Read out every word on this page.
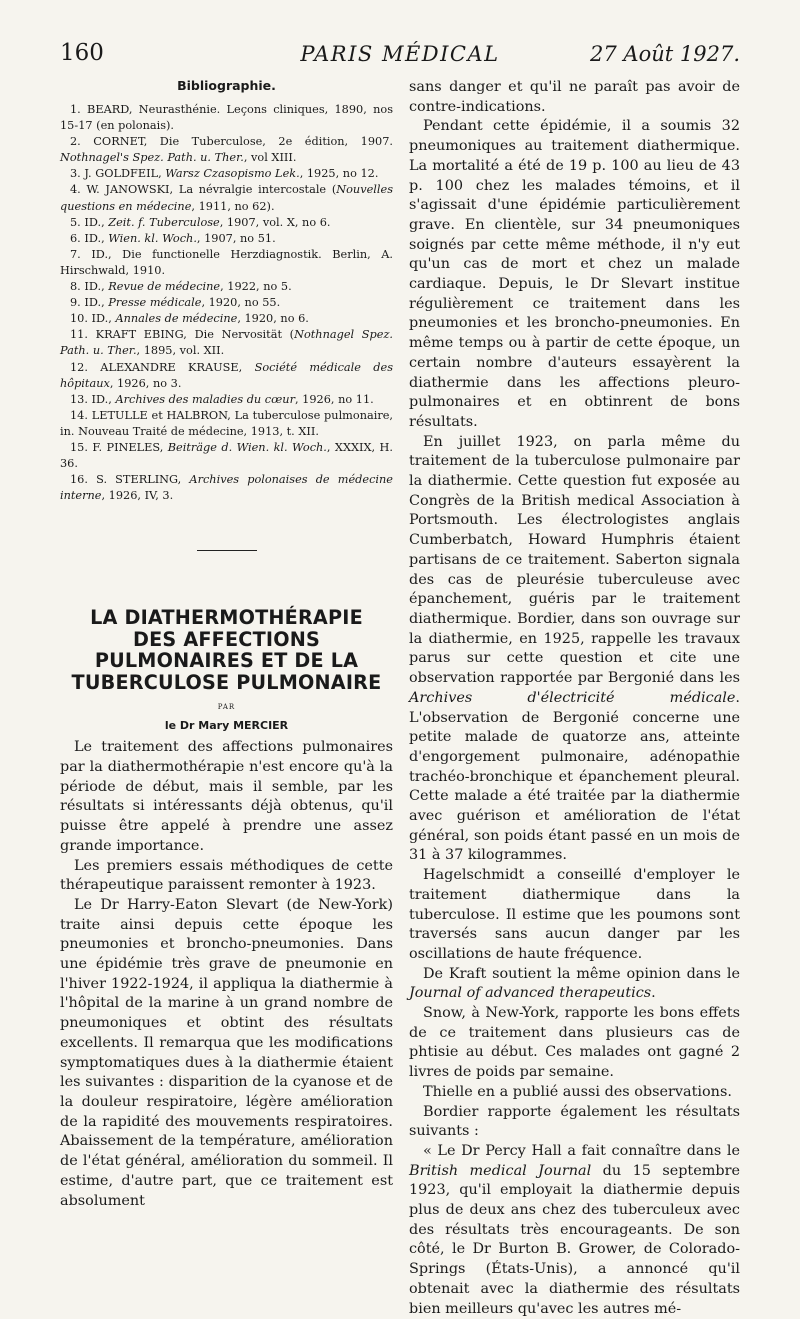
160	PARIS MÉDICAL	27 Août 1927.
Bibliographie.
1. BEARD, Neurasthénie. Leçons cliniques, 1890, nos 15-17 (en polonais).
2. CORNET, Die Tuberculose, 2e édition, 1907. Nothnagel's Spez. Path. u. Ther., vol XIII.
3. J. GOLDFEIL, Warsz Czasopismo Lek., 1925, no 12.
4. W. JANOWSKI, La névralgie intercostale (Nouvelles questions en médecine, 1911, no 62).
5. ID., Zeit. f. Tuberculose, 1907, vol. X, no 6.
6. ID., Wien. kl. Woch., 1907, no 51.
7. ID., Die functionelle Herzdiagnostik. Berlin, A. Hirschwald, 1910.
8. ID., Revue de médecine, 1922, no 5.
9. ID., Presse médicale, 1920, no 55.
10. ID., Annales de médecine, 1920, no 6.
11. KRAFT EBING, Die Nervosität (Nothnagel Spez. Path. u. Ther., 1895, vol. XII.
12. ALEXANDRE KRAUSE, Société médicale des hôpitaux, 1926, no 3.
13. ID., Archives des maladies du cœur, 1926, no 11.
14. LETULLE et HALBRON, La tuberculose pulmonaire, in. Nouveau Traité de médecine, 1913, t. XII.
15. F. PINELES, Beiträge d. Wien. kl. Woch., XXXIX, H. 36.
16. S. STERLING, Archives polonaises de médecine interne, 1926, IV, 3.
LA DIATHERMOTHÉRAPIE
DES AFFECTIONS
PULMONAIRES ET DE LA
TUBERCULOSE PULMONAIRE
PAR
le Dr Mary MERCIER

Le traitement des affections pulmonaires par la diathermothérapie n'est encore qu'à la période de début, mais il semble, par les résultats si intéressants déjà obtenus, qu'il puisse être appelé à prendre une assez grande importance.

Les premiers essais méthodiques de cette thérapeutique paraissent remonter à 1923.

Le Dr Harry-Eaton Slevart (de New-York) traite ainsi depuis cette époque les pneumonies et broncho-pneumonies. Dans une épidémie très grave de pneumonie en l'hiver 1922-1924, il appliqua la diathermie à l'hôpital de la marine à un grand nombre de pneumoniques et obtint des résultats excellents. Il remarqua que les modifications symptomatiques dues à la diathermie étaient les suivantes : disparition de la cyanose et de la douleur respiratoire, légère amélioration de la rapidité des mouvements respiratoires. Abaissement de la température, amélioration de l'état général, amélioration du sommeil. Il estime, d'autre part, que ce traitement est absolument

sans danger et qu'il ne paraît pas avoir de contre-indications.

Pendant cette épidémie, il a soumis 32 pneumoniques au traitement diathermique. La mortalité a été de 19 p. 100 au lieu de 43 p. 100 chez les malades témoins, et il s'agissait d'une épidémie particulièrement grave. En clientèle, sur 34 pneumoniques soignés par cette même méthode, il n'y eut qu'un cas de mort et chez un malade cardiaque. Depuis, le Dr Slevart institue régulièrement ce traitement dans les pneumonies et les broncho-pneumonies. En même temps ou à partir de cette époque, un certain nombre d'auteurs essayèrent la diathermie dans les affections pleuro-pulmonaires et en obtinrent de bons résultats.

En juillet 1923, on parla même du traitement de la tuberculose pulmonaire par la diathermie. Cette question fut exposée au Congrès de la British medical Association à Portsmouth. Les électrologistes anglais Cumberbatch, Howard Humphris étaient partisans de ce traitement. Saberton signala des cas de pleurésie tuberculeuse avec épanchement, guéris par le traitement diathermique. Bordier, dans son ouvrage sur la diathermie, en 1925, rappelle les travaux parus sur cette question et cite une observation rapportée par Bergonié dans les Archives d'électricité médicale. L'observation de Bergonié concerne une petite malade de quatorze ans, atteinte d'engorgement pulmonaire, adénopathie trachéo-bronchique et épanchement pleural. Cette malade a été traitée par la diathermie avec guérison et amélioration de l'état général, son poids étant passé en un mois de 31 à 37 kilogrammes.

Hagelschmidt a conseillé d'employer le traitement diathermique dans la tuberculose. Il estime que les poumons sont traversés sans aucun danger par les oscillations de haute fréquence.

De Kraft soutient la même opinion dans le Journal of advanced therapeutics.

Snow, à New-York, rapporte les bons effets de ce traitement dans plusieurs cas de phtisie au début. Ces malades ont gagné 2 livres de poids par semaine.

Thielle en a publié aussi des observations.

Bordier rapporte également les résultats suivants :

« Le Dr Percy Hall a fait connaître dans le British medical Journal du 15 septembre 1923, qu'il employait la diathermie depuis plus de deux ans chez des tuberculeux avec des résultats très encourageants. De son côté, le Dr Burton B. Grower, de Colorado-Springs (États-Unis), a annoncé qu'il obtenait avec la diathermie des résultats bien meilleurs qu'avec les autres mé-
